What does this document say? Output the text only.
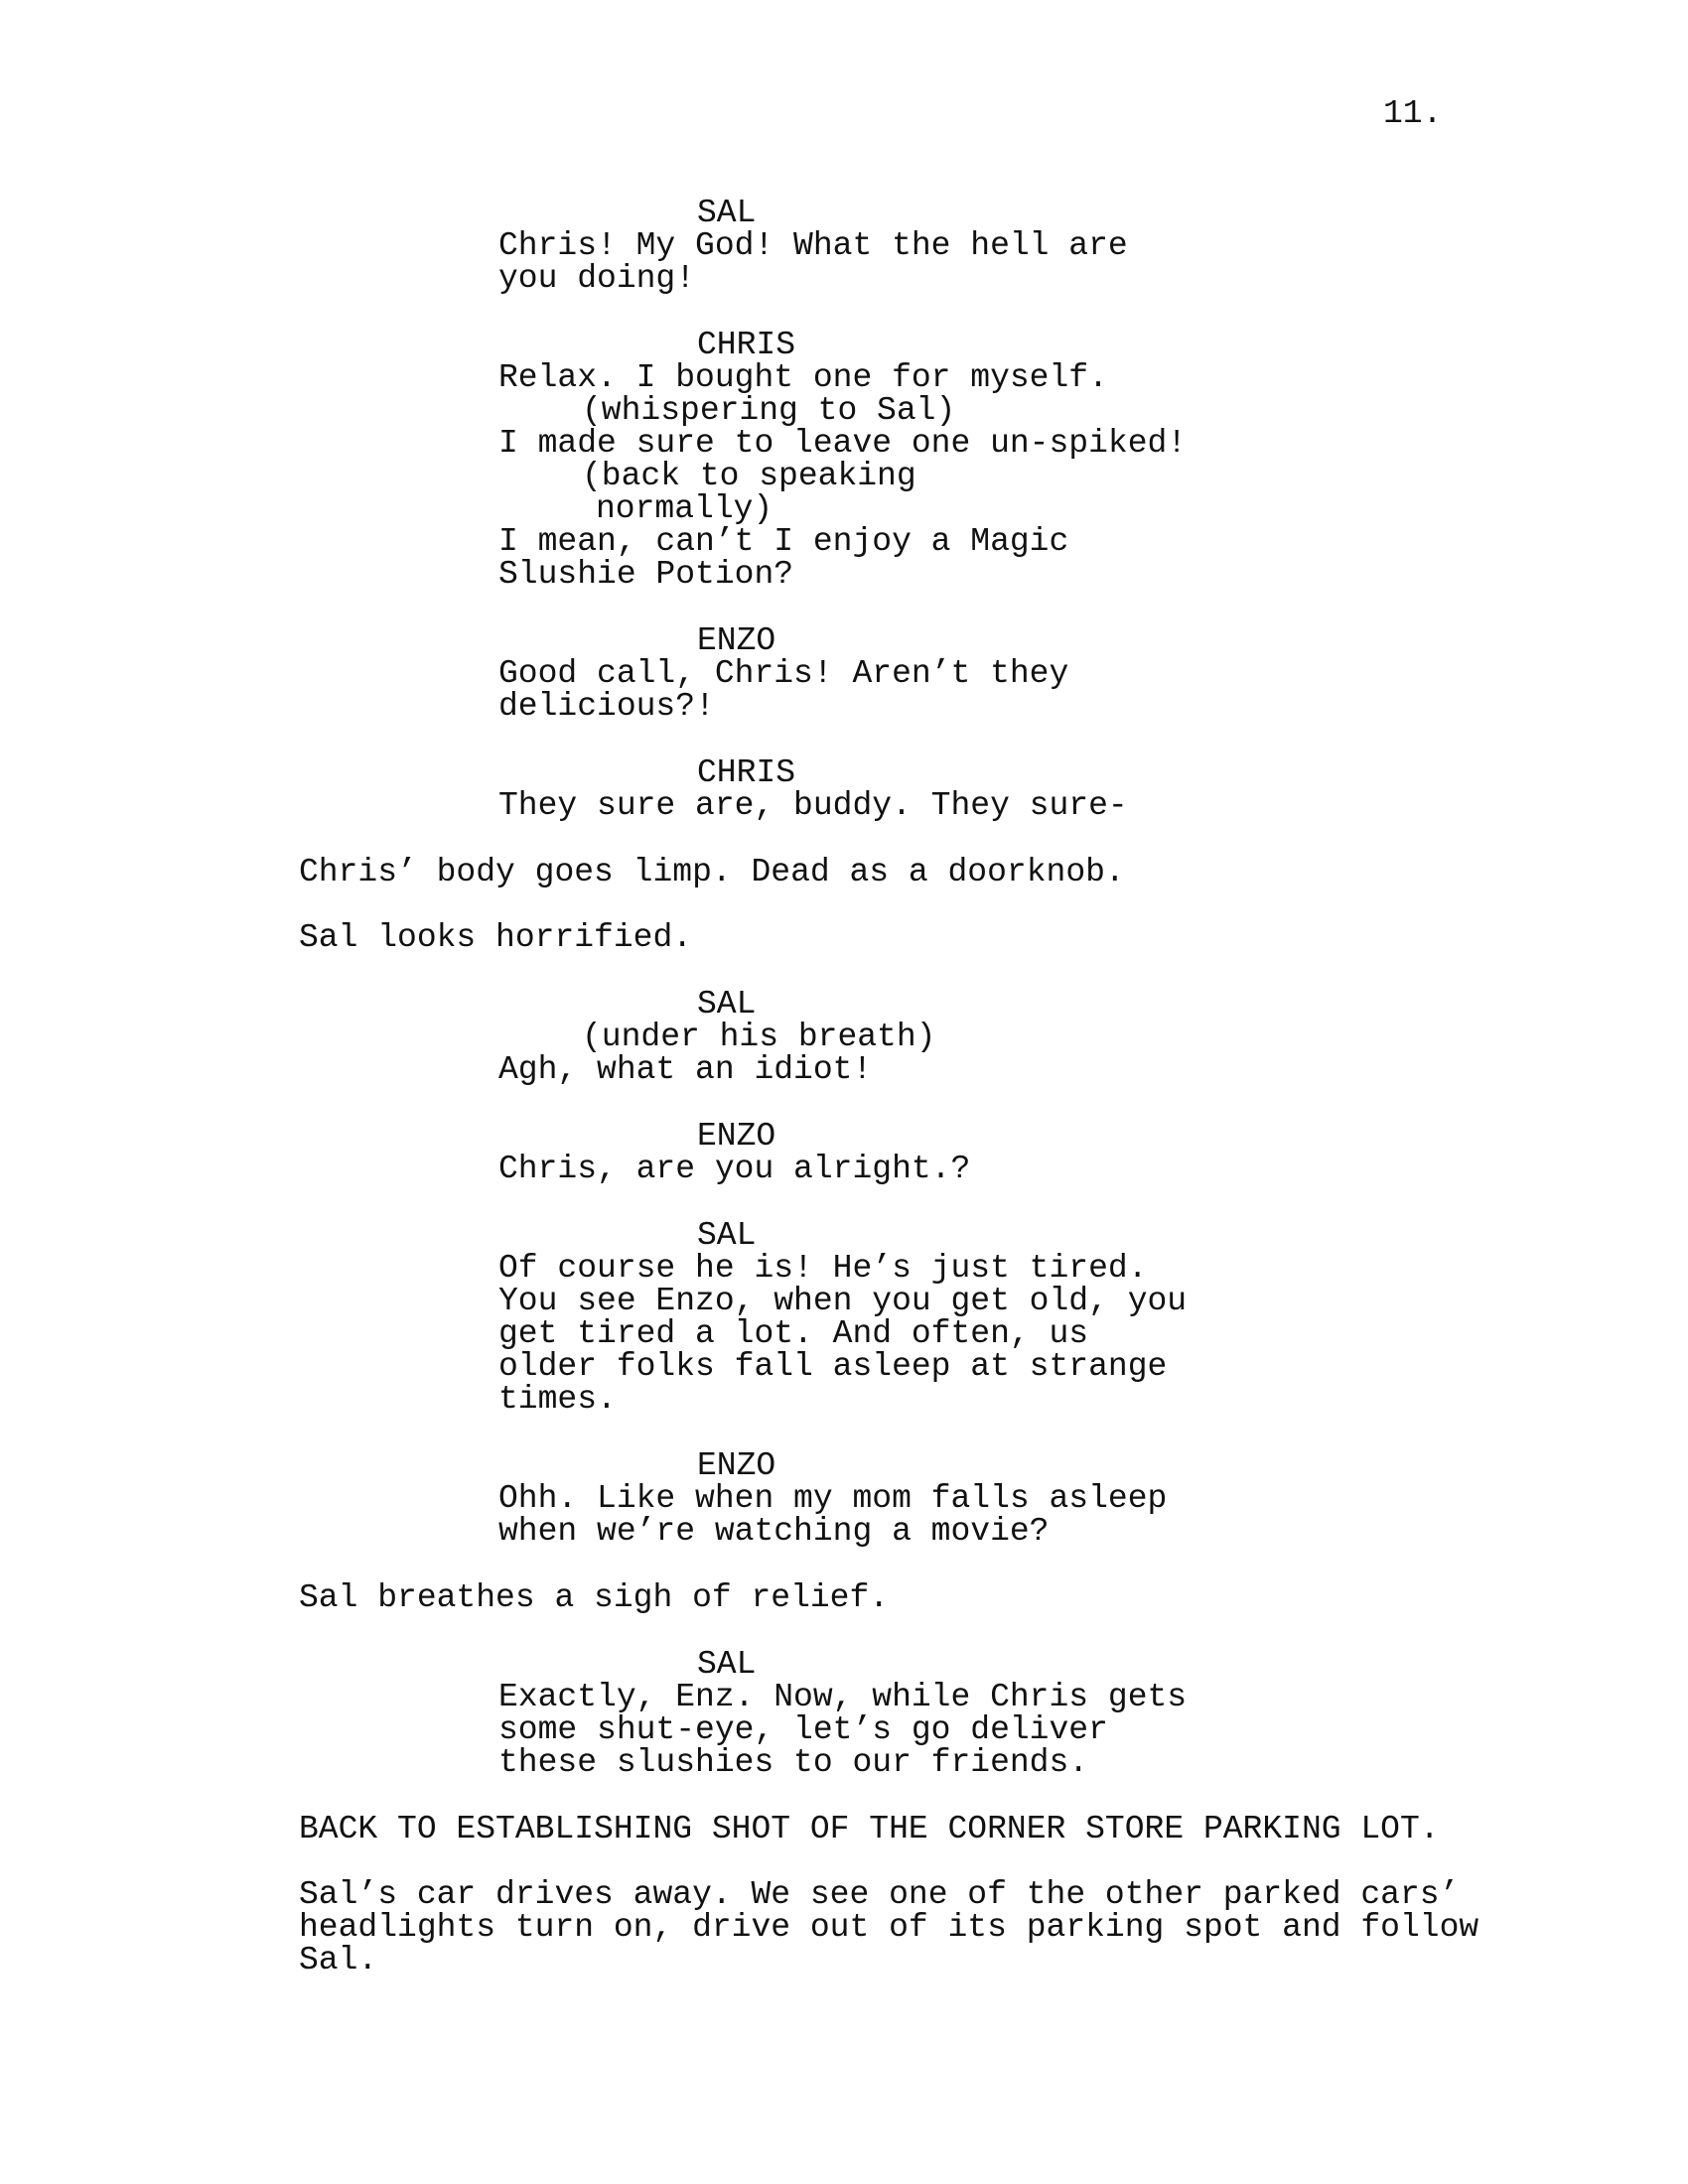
11.
SAL
Chris! My God! What the hell are
you doing!
CHRIS
Relax. I bought one for myself.
(whispering to Sal)
I made sure to leave one un-spiked!
(back to speaking
normally)
I mean, can’t I enjoy a Magic
Slushie Potion?
ENZO
Good call, Chris! Aren’t they
delicious?!
CHRIS
They sure are, buddy. They sure-
Chris’ body goes limp. Dead as a doorknob.
Sal looks horrified.
SAL
(under his breath)
Agh, what an idiot!
ENZO
Chris, are you alright.?
SAL
Of course he is! He’s just tired.
You see Enzo, when you get old, you
get tired a lot. And often, us
older folks fall asleep at strange
times.
ENZO
Ohh. Like when my mom falls asleep
when we’re watching a movie?
Sal breathes a sigh of relief.
SAL
Exactly, Enz. Now, while Chris gets
some shut-eye, let’s go deliver
these slushies to our friends.
BACK TO ESTABLISHING SHOT OF THE CORNER STORE PARKING LOT.
Sal’s car drives away. We see one of the other parked cars’
headlights turn on, drive out of its parking spot and follow
Sal.
